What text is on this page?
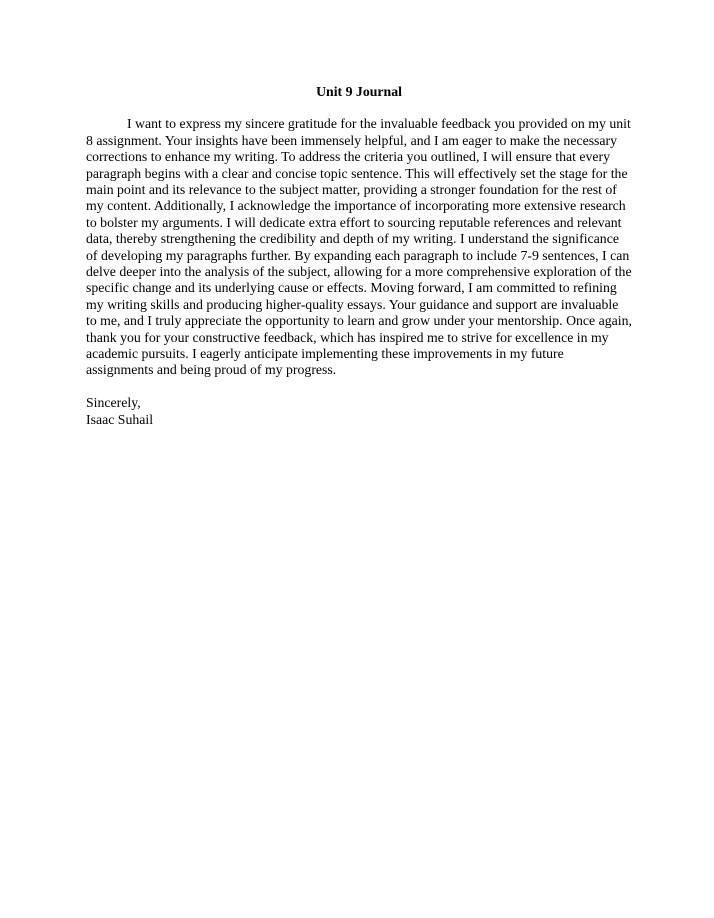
Unit 9 Journal

I want to express my sincere gratitude for the invaluable feedback you provided on my unit 8 assignment. Your insights have been immensely helpful, and I am eager to make the necessary corrections to enhance my writing. To address the criteria you outlined, I will ensure that every paragraph begins with a clear and concise topic sentence. This will effectively set the stage for the main point and its relevance to the subject matter, providing a stronger foundation for the rest of my content. Additionally, I acknowledge the importance of incorporating more extensive research to bolster my arguments. I will dedicate extra effort to sourcing reputable references and relevant data, thereby strengthening the credibility and depth of my writing. I understand the significance of developing my paragraphs further. By expanding each paragraph to include 7-9 sentences, I can delve deeper into the analysis of the subject, allowing for a more comprehensive exploration of the specific change and its underlying cause or effects. Moving forward, I am committed to refining my writing skills and producing higher-quality essays. Your guidance and support are invaluable to me, and I truly appreciate the opportunity to learn and grow under your mentorship. Once again, thank you for your constructive feedback, which has inspired me to strive for excellence in my academic pursuits. I eagerly anticipate implementing these improvements in my future assignments and being proud of my progress.

Sincerely,
Isaac Suhail
